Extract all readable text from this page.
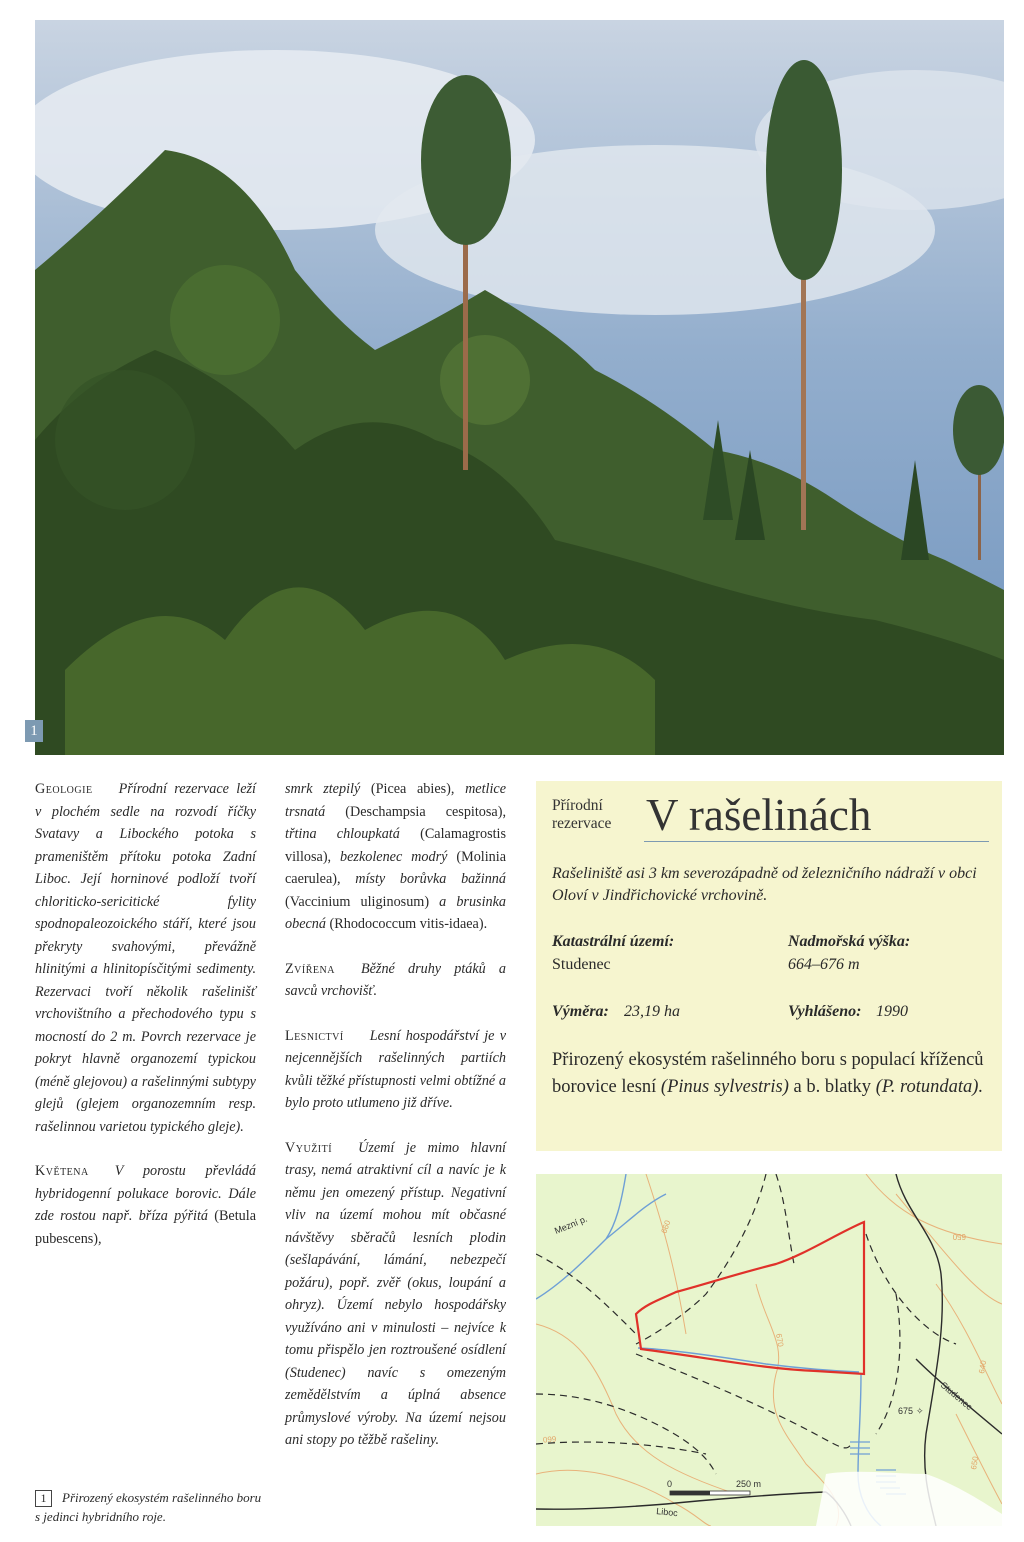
1

Geologie Přírodní rezervace leží v plochém sedle na rozvodí říčky Svatavy a Libockého potoka s prameništěm přítoku potoka Zadní Liboc. Její horninové podloží tvoří chloriticko-sericitické fylity spodnopaleozoického stáří, které jsou překryty svahovými, převážně hlinitými a hlinitopísčitými sedimenty. Rezervaci tvoří několik rašelinišť vrchovištního a přechodového typu s mocností do 2 m. Povrch rezervace je pokryt hlavně organozemí typickou (méně glejovou) a rašelinnými subtypy glejů (glejem organozemním resp. rašelinnou varietou typického gleje).

Květena V porostu převládá hybridogenní polukace borovic. Dále zde rostou např. bříza pýřitá (Betula pubescens),

smrk ztepilý (Picea abies), metlice trsnatá (Deschampsia cespitosa), třtina chloupkatá (Calamagrostis villosa), bezkolenec modrý (Molinia caerulea), místy borůvka bažinná (Vaccinium uliginosum) a brusinka obecná (Rhodococcum vitis-idaea).

Zvířena Běžné druhy ptáků a savců vrchovišť.

Lesnictví Lesní hospodářství je v nejcennějších rašelinných partiích kvůli těžké přístupnosti velmi obtížné a bylo proto utlumeno již dříve.

Využití Území je mimo hlavní trasy, nemá atraktivní cíl a navíc je k němu jen omezený přístup. Negativní vliv na území mohou mít občasné návštěvy sběračů lesních plodin (sešlapávání, lámání, nebezpečí požáru), popř. zvěř (okus, loupání a ohryz). Území nebylo hospodářsky využíváno ani v minulosti – nejvíce k tomu přispělo jen roztroušené osídlení (Studenec) navíc s omezeným zemědělstvím a úplná absence průmyslové výroby. Na území nejsou ani stopy po těžbě rašeliny.

1 Přirozený ekosystém rašelinného boru s jedinci hybridního roje.
Přírodní
rezervace V rašelinách
Rašeliniště asi 3 km severozápadně od železničního nádraží v obci Oloví v Jindřichovické vrchovině.
Katastrální území:
Studenec
Nadmořská výška:
664–676 m
Výměra: 23,19 ha	Vyhlášeno: 1990
Přirozený ekosystém rašelinného boru s populací kříženců borovice lesní (Pinus sylvestris) a b. blatky (P. rotundata).
0	250 m
Mezní p.
Studenec
Liboc
675 ✧
660
670
650
640
660
650
